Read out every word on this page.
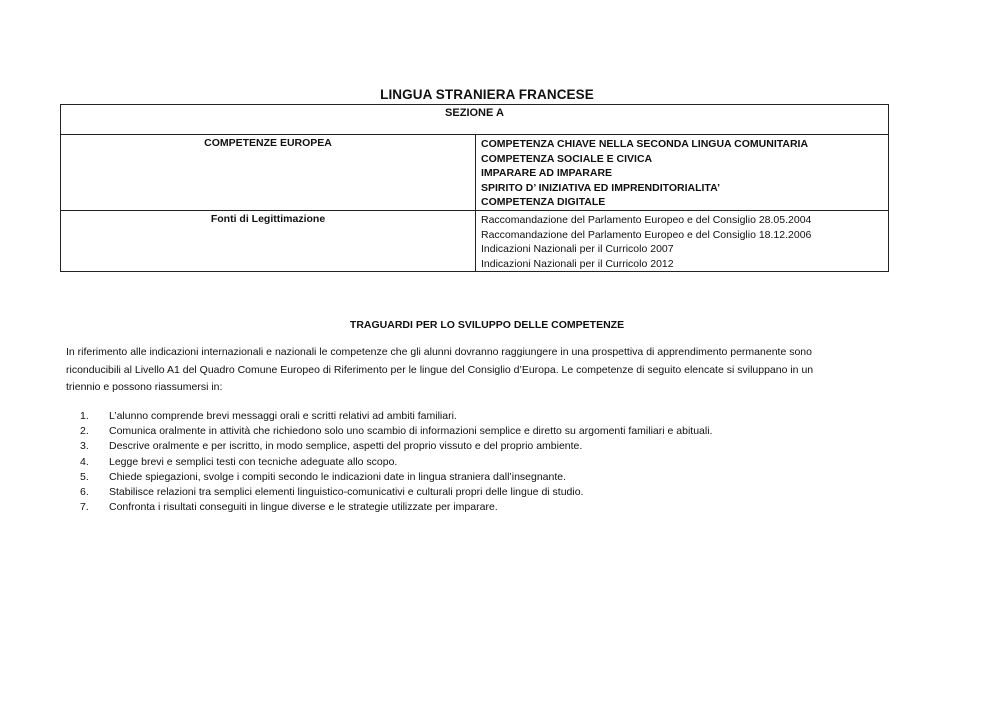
LINGUA STRANIERA FRANCESE
SEZIONE A	
COMPETENZE EUROPEA	COMPETENZA CHIAVE NELLA SECONDA LINGUA COMUNITARIA
COMPETENZA SOCIALE E CIVICA
IMPARARE AD IMPARARE
SPIRITO D’ INIZIATIVA ED IMPRENDITORIALITA’
COMPETENZA DIGITALE

Fonti di Legittimazione	Raccomandazione del Parlamento Europeo e del Consiglio 28.05.2004
Raccomandazione del Parlamento Europeo e del Consiglio 18.12.2006
Indicazioni Nazionali per il Curricolo 2007
Indicazioni Nazionali per il Curricolo 2012
TRAGUARDI PER LO SVILUPPO DELLE COMPETENZE
In riferimento alle indicazioni internazionali e nazionali le competenze che gli alunni dovranno raggiungere in una prospettiva di apprendimento permanente sono
riconducibili al Livello A1 del Quadro Comune Europeo di Riferimento per le lingue del Consiglio d’Europa. Le competenze di seguito elencate si sviluppano in un
triennio e possono riassumersi in:
1. L’alunno comprende brevi messaggi orali e scritti relativi ad ambiti familiari.
2. Comunica oralmente in attività che richiedono solo uno scambio di informazioni semplice e diretto su argomenti familiari e abituali.
3. Descrive oralmente e per iscritto, in modo semplice, aspetti del proprio vissuto e del proprio ambiente.
4. Legge brevi e semplici testi con tecniche adeguate allo scopo.
5. Chiede spiegazioni, svolge i compiti secondo le indicazioni date in lingua straniera dall’insegnante.
6. Stabilisce relazioni tra semplici elementi linguistico-comunicativi e culturali propri delle lingue di studio.
7. Confronta i risultati conseguiti in lingue diverse e le strategie utilizzate per imparare.
